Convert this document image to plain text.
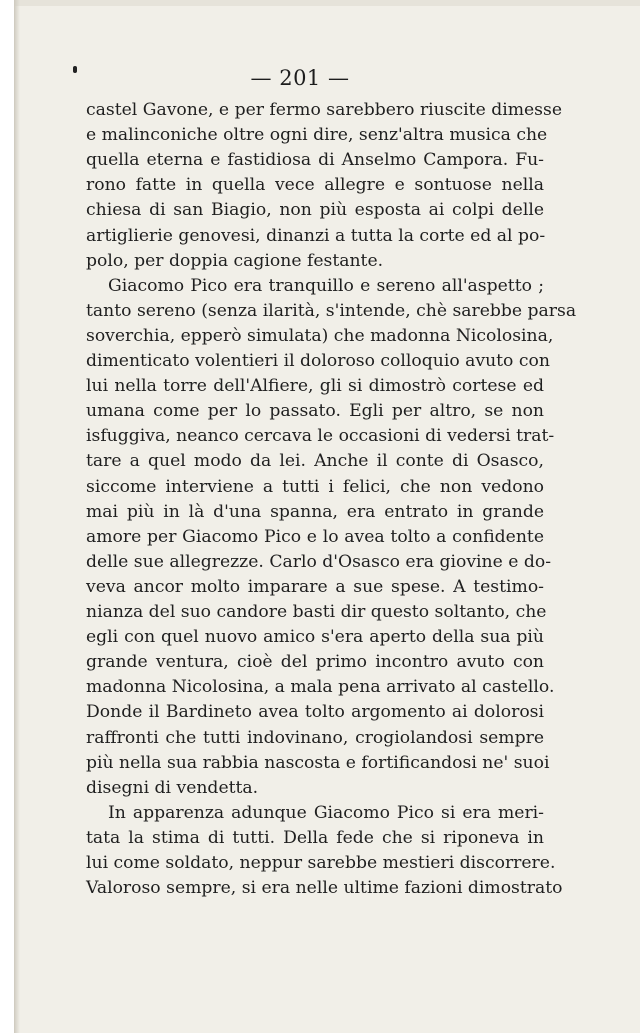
— 201 —
castel Gavone, e per fermo sarebbero riuscite dimesse
e malinconiche oltre ogni dire, senz'altra musica che
quella eterna e fastidiosa di Anselmo Campora. Fu-
rono fatte in quella vece allegre e sontuose nella
chiesa di san Biagio, non più esposta ai colpi delle
artiglierie genovesi, dinanzi a tutta la corte ed al po-
polo, per doppia cagione festante.
Giacomo Pico era tranquillo e sereno all'aspetto ;
tanto sereno (senza ilarità, s'intende, chè sarebbe parsa
soverchia, epperò simulata) che madonna Nicolosina,
dimenticato volentieri il doloroso colloquio avuto con
lui nella torre dell'Alfiere, gli si dimostrò cortese ed
umana come per lo passato. Egli per altro, se non
isfuggiva, neanco cercava le occasioni di vedersi trat-
tare a quel modo da lei. Anche il conte di Osasco,
siccome interviene a tutti i felici, che non vedono
mai più in là d'una spanna, era entrato in grande
amore per Giacomo Pico e lo avea tolto a confidente
delle sue allegrezze. Carlo d'Osasco era giovine e do-
veva ancor molto imparare a sue spese. A testimo-
nianza del suo candore basti dir questo soltanto, che
egli con quel nuovo amico s'era aperto della sua più
grande ventura, cioè del primo incontro avuto con
madonna Nicolosina, a mala pena arrivato al castello.
Donde il Bardineto avea tolto argomento ai dolorosi
raffronti che tutti indovinano, crogiolandosi sempre
più nella sua rabbia nascosta e fortificandosi ne' suoi
disegni di vendetta.
In apparenza adunque Giacomo Pico si era meri-
tata la stima di tutti. Della fede che si riponeva in
lui come soldato, neppur sarebbe mestieri discorrere.
Valoroso sempre, si era nelle ultime fazioni dimostrato
